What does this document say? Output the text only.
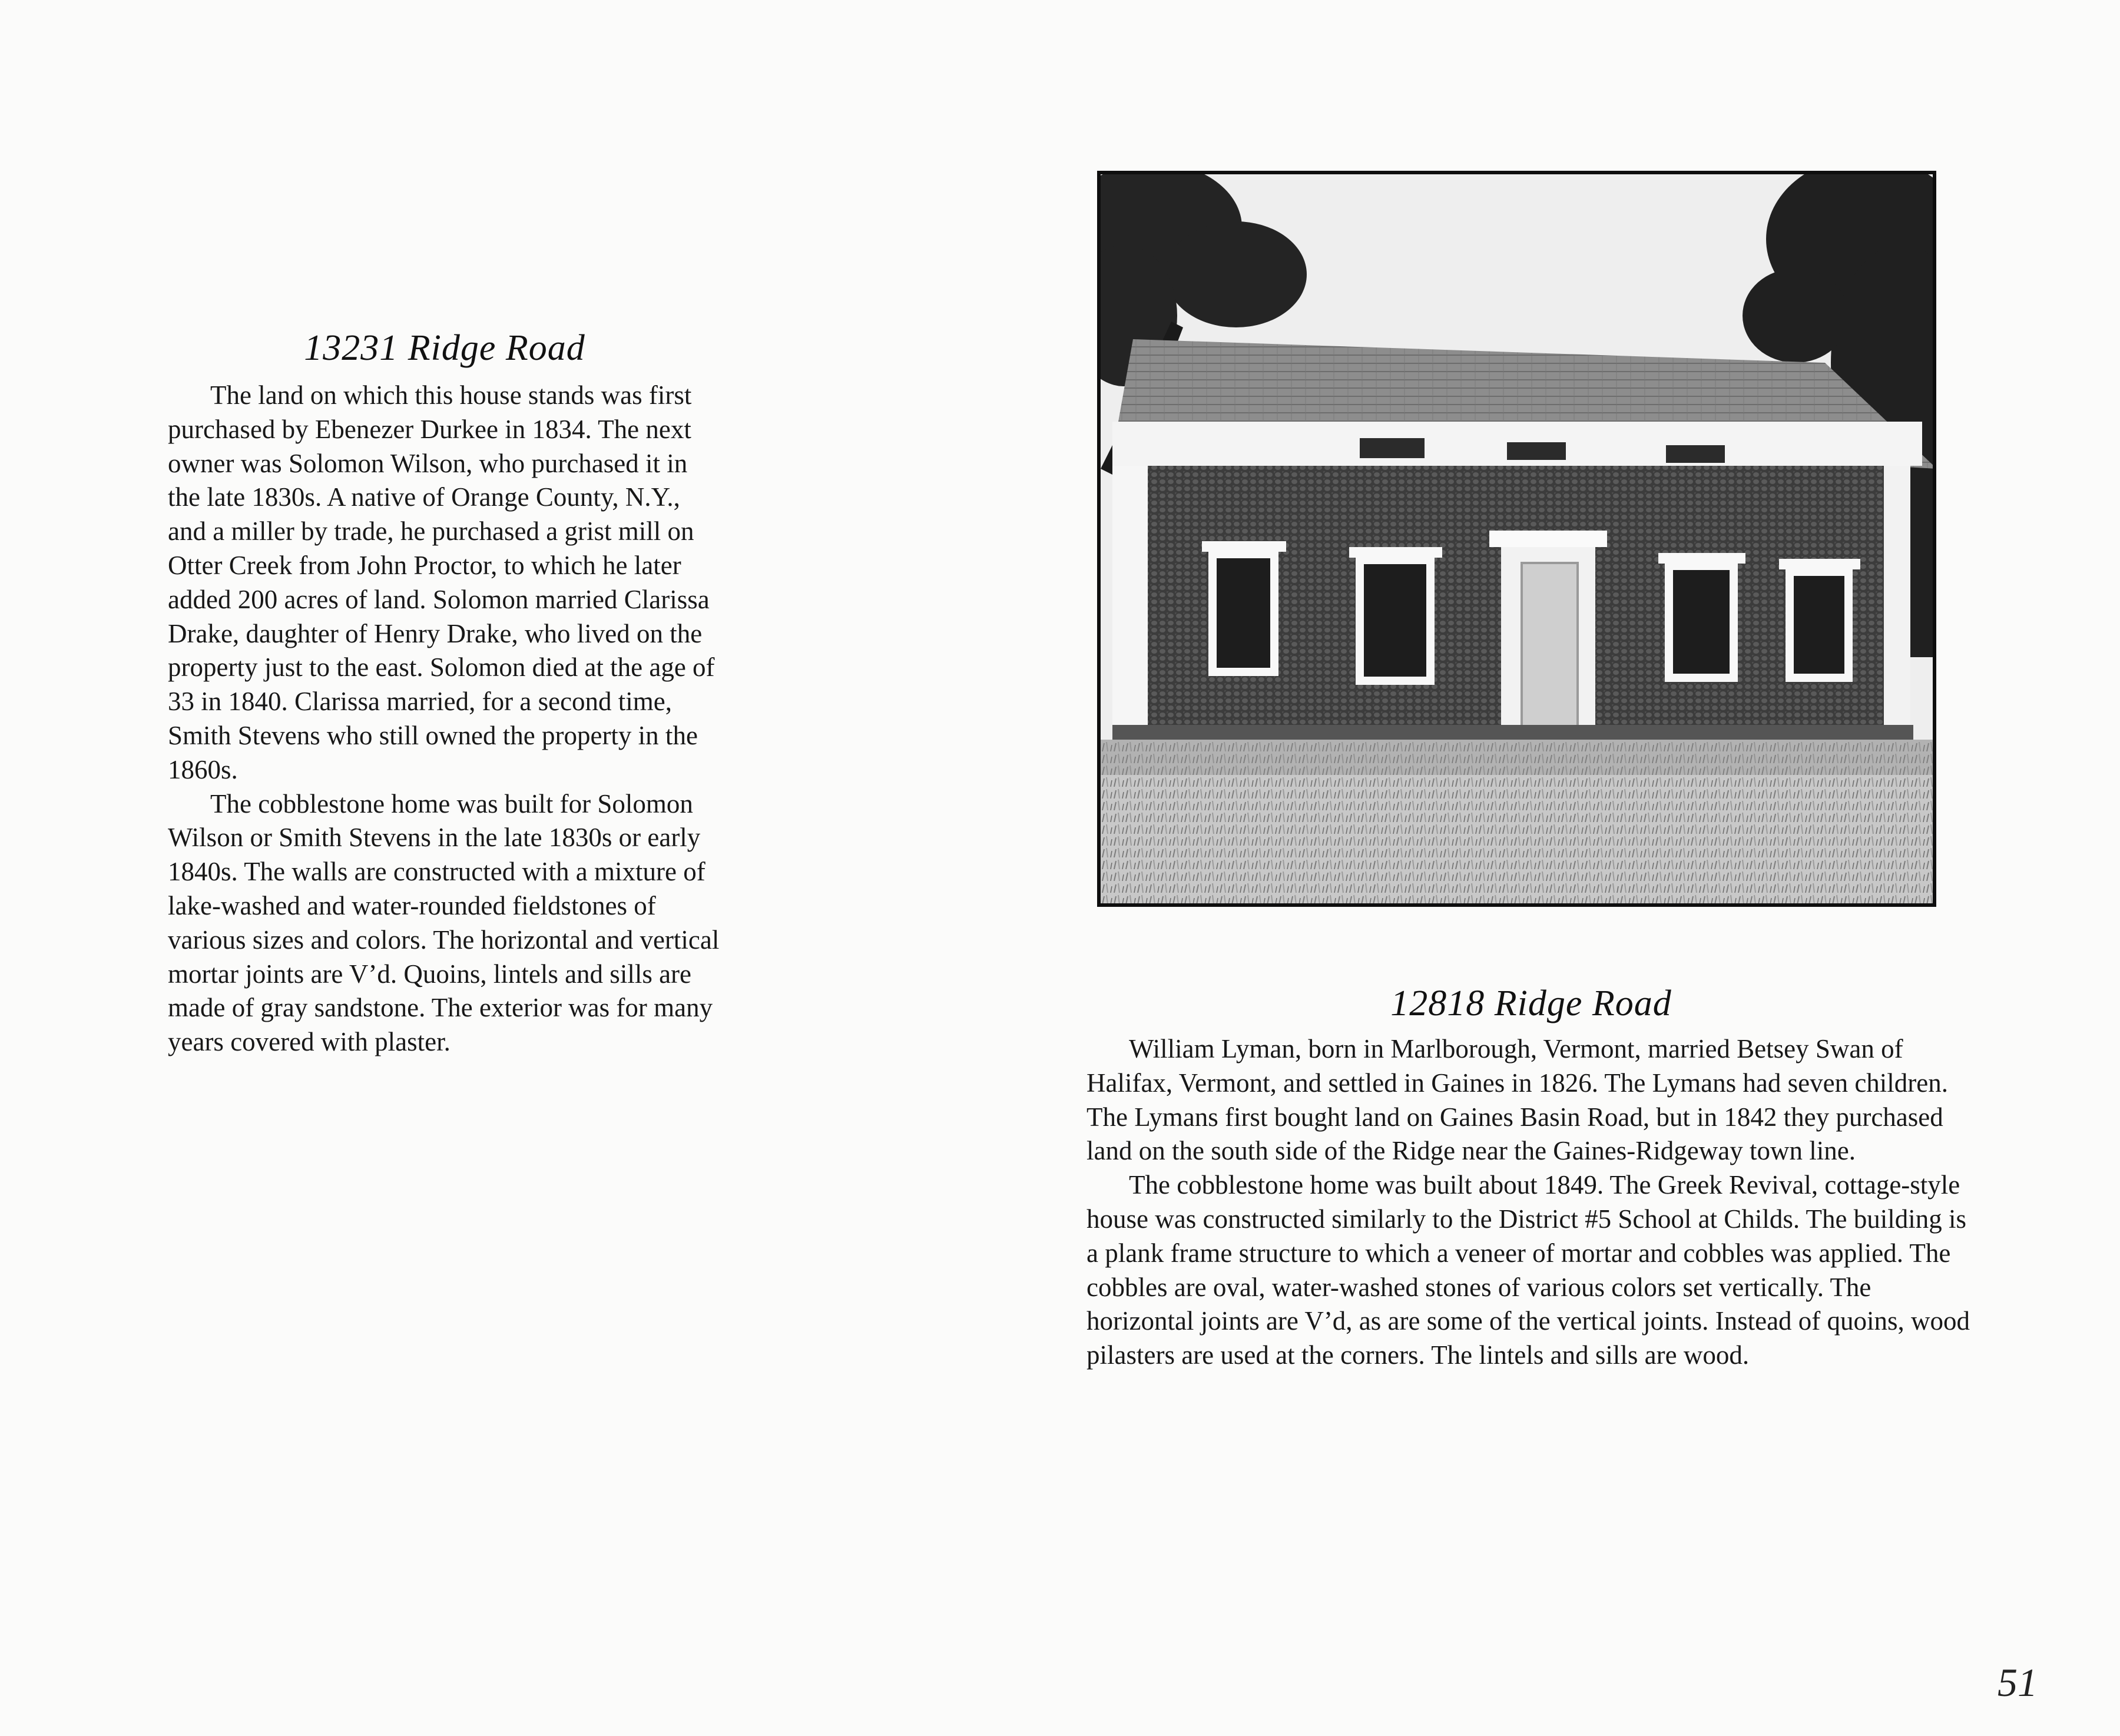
13231 Ridge Road

The land on which this house stands was first purchased by Ebenezer Durkee in 1834. The next owner was Solomon Wilson, who purchased it in the late 1830s. A native of Orange County, N.Y., and a miller by trade, he purchased a grist mill on Otter Creek from John Proctor, to which he later added 200 acres of land. Solomon married Clarissa Drake, daughter of Henry Drake, who lived on the property just to the east. Solomon died at the age of 33 in 1840. Clarissa married, for a second time, Smith Stevens who still owned the property in the 1860s.

The cobblestone home was built for Solomon Wilson or Smith Stevens in the late 1830s or early 1840s. The walls are constructed with a mixture of lake-washed and water-rounded fieldstones of various sizes and colors. The horizontal and vertical mortar joints are V’d. Quoins, lintels and sills are made of gray sandstone. The exterior was for many years covered with plaster.

12818 Ridge Road

William Lyman, born in Marlborough, Vermont, married Betsey Swan of Halifax, Vermont, and settled in Gaines in 1826. The Lymans had seven children. The Lymans first bought land on Gaines Basin Road, but in 1842 they purchased land on the south side of the Ridge near the Gaines-Ridgeway town line.

The cobblestone home was built about 1849. The Greek Revival, cottage-style house was constructed similarly to the District #5 School at Childs. The building is a plank frame structure to which a veneer of mortar and cobbles was applied. The cobbles are oval, water-washed stones of various colors set vertically. The horizontal joints are V’d, as are some of the vertical joints. Instead of quoins, wood pilasters are used at the corners. The lintels and sills are wood.

51
